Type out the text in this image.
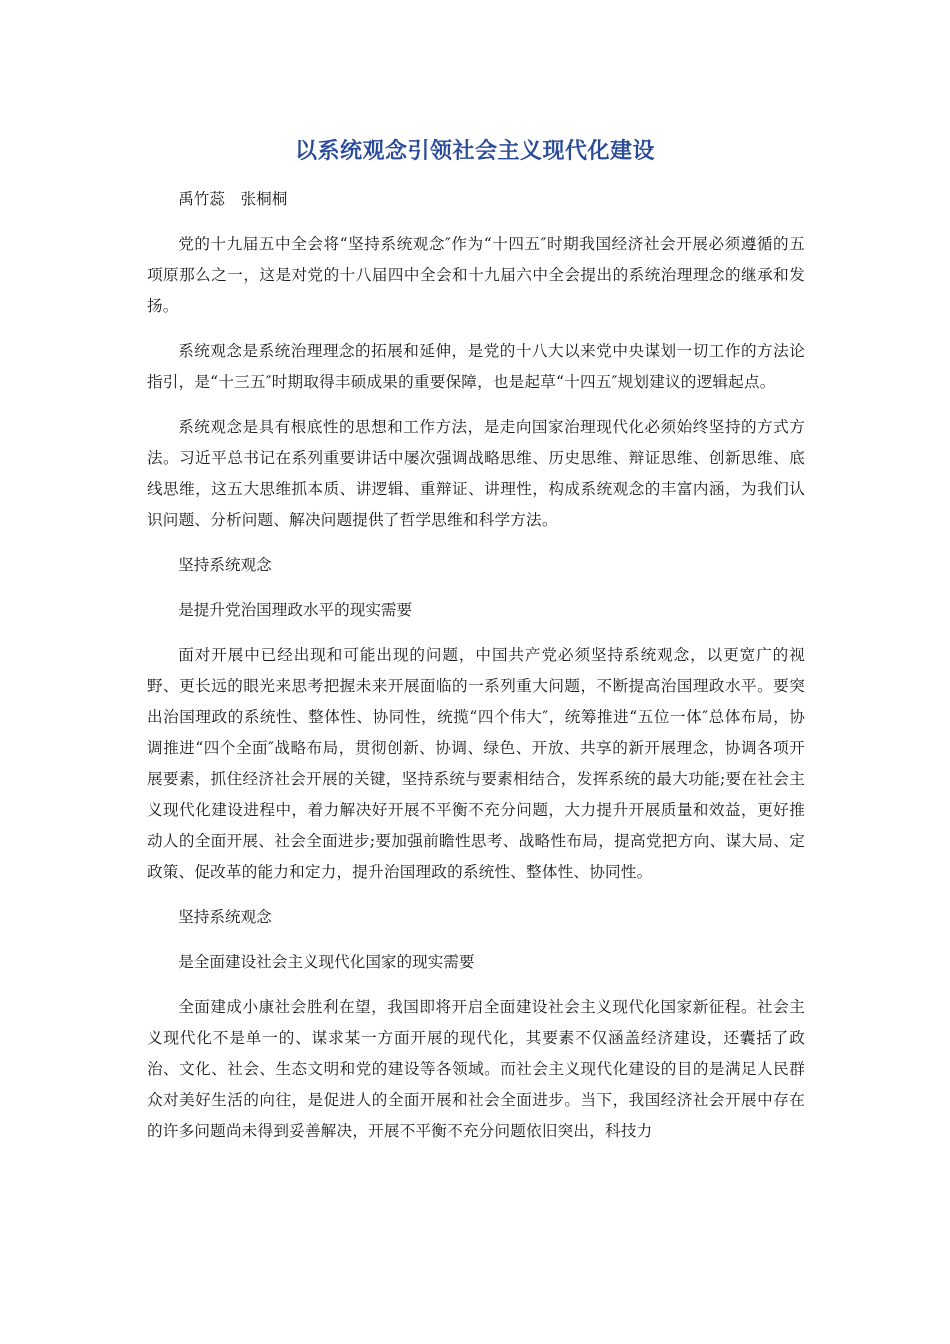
以系统观念引领社会主义现代化建设

禹竹蕊 张桐桐

党的十九届五中全会将“坚持系统观念″作为“十四五″时期我国经济社会开展必须遵循的五项原那么之一，这是对党的十八届四中全会和十九届六中全会提出的系统治理理念的继承和发扬。

系统观念是系统治理理念的拓展和延伸，是党的十八大以来党中央谋划一切工作的方法论指引，是“十三五″时期取得丰硕成果的重要保障，也是起草“十四五″规划建议的逻辑起点。

系统观念是具有根底性的思想和工作方法，是走向国家治理现代化必须始终坚持的方式方法。习近平总书记在系列重要讲话中屡次强调战略思维、历史思维、辩证思维、创新思维、底线思维，这五大思维抓本质、讲逻辑、重辩证、讲理性，构成系统观念的丰富内涵，为我们认识问题、分析问题、解决问题提供了哲学思维和科学方法。

坚持系统观念

是提升党治国理政水平的现实需要

面对开展中已经出现和可能出现的问题，中国共产党必须坚持系统观念，以更宽广的视野、更长远的眼光来思考把握未来开展面临的一系列重大问题，不断提高治国理政水平。要突出治国理政的系统性、整体性、协同性，统揽“四个伟大″，统筹推进“五位一体″总体布局，协调推进“四个全面″战略布局，贯彻创新、协调、绿色、开放、共享的新开展理念，协调各项开展要素，抓住经济社会开展的关键，坚持系统与要素相结合，发挥系统的最大功能;要在社会主义现代化建设进程中，着力解决好开展不平衡不充分问题，大力提升开展质量和效益，更好推动人的全面开展、社会全面进步;要加强前瞻性思考、战略性布局，提高党把方向、谋大局、定政策、促改革的能力和定力，提升治国理政的系统性、整体性、协同性。

坚持系统观念

是全面建设社会主义现代化国家的现实需要

全面建成小康社会胜利在望，我国即将开启全面建设社会主义现代化国家新征程。社会主义现代化不是单一的、谋求某一方面开展的现代化，其要素不仅涵盖经济建设，还囊括了政治、文化、社会、生态文明和党的建设等各领域。而社会主义现代化建设的目的是满足人民群众对美好生活的向往，是促进人的全面开展和社会全面进步。当下，我国经济社会开展中存在的许多问题尚未得到妥善解决，开展不平衡不充分问题依旧突出，科技力
